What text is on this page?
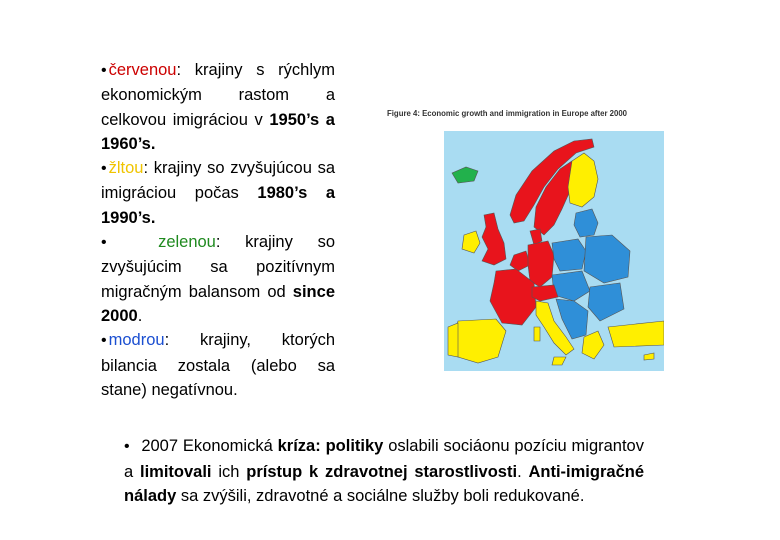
• červenou: krajiny s rýchlym ekonomickým rastom a celkovou imigráciou v 1950’s a 1960’s.

• žltou: krajiny so zvyšujúcou sa imigráciou počas 1980’s a 1990’s.

•	zelenou: krajiny so zvyšujúcim sa pozitívnym migračným balansom od since 2000.

• modrou: krajiny, ktorých bilancia zostala (alebo sa stane) negatívnou.

Figure 4: Economic growth and immigration in Europe after 2000

• 2007 Ekonomická kríza: politiky oslabili sociáonu pozíciu migrantov a limitovali ich prístup k zdravotnej starostlivosti. Anti-imigračné nálady sa zvýšili, zdravotné a sociálne služby boli redukované.
